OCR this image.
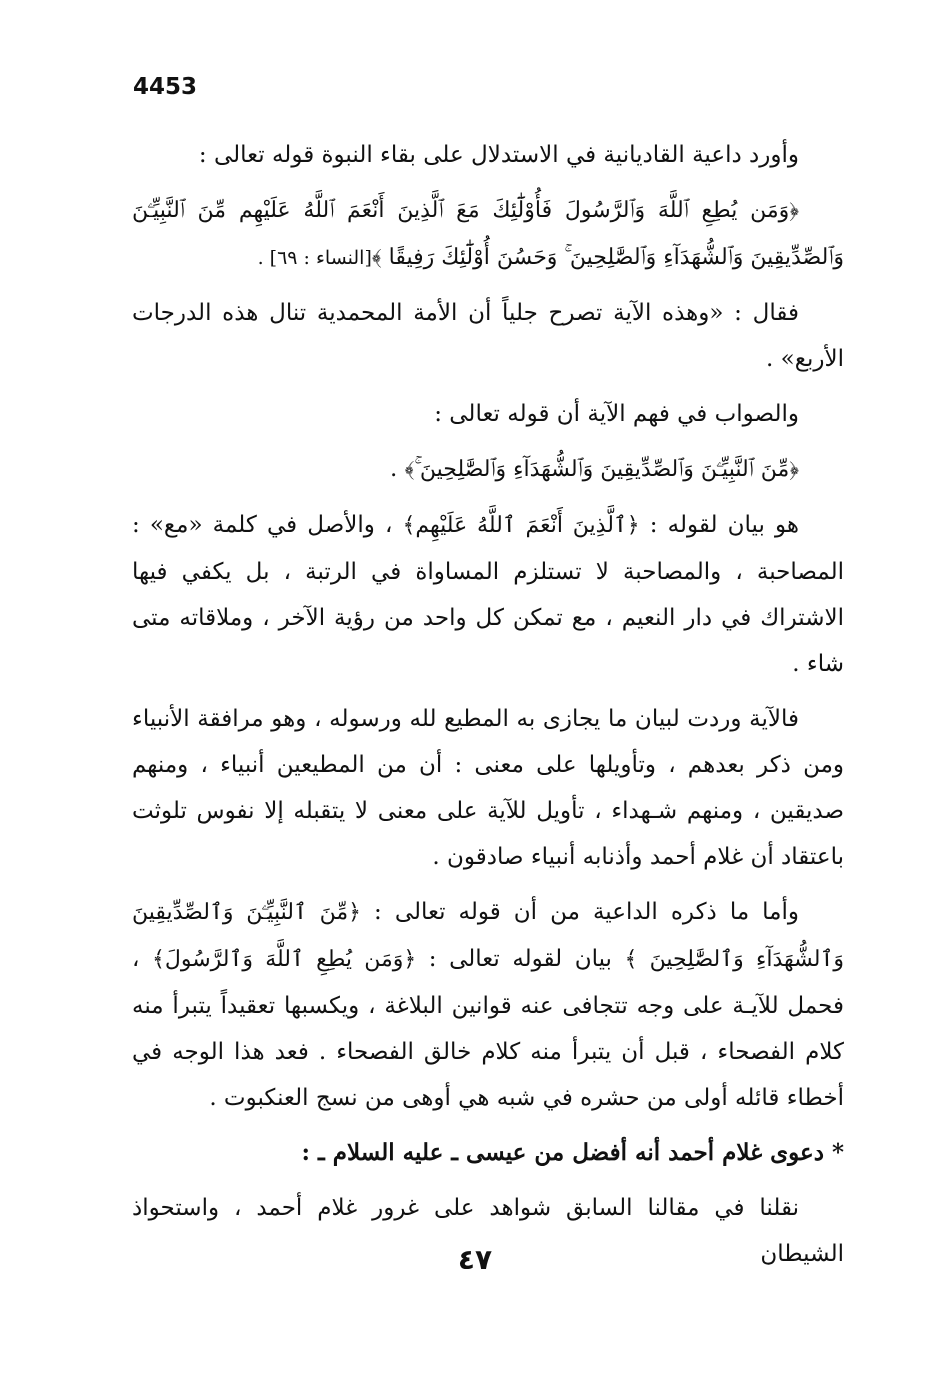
4453

وأورد داعية القاديانية في الاستدلال على بقاء النبوة قوله تعالى :

﴿وَمَن يُطِعِ ٱللَّهَ وَٱلرَّسُولَ فَأُوْلَٰٓئِكَ مَعَ ٱلَّذِينَ أَنْعَمَ ٱللَّهُ عَلَيْهِم مِّنَ ٱلنَّبِيِّـۧنَ وَٱلصِّدِّيقِينَ وَٱلشُّهَدَآءِ وَٱلصَّٰلِحِينَ ۚ وَحَسُنَ أُوْلَٰٓئِكَ رَفِيقًا ﴾[النساء : ٦٩] .

فقال : «وهذه الآية تصرح جلياً أن الأمة المحمدية تنال هذه الدرجات الأربع» .

والصواب في فهم الآية أن قوله تعالى :

﴿مِّنَ ٱلنَّبِيِّـۧنَ وَٱلصِّدِّيقِينَ وَٱلشُّهَدَآءِ وَٱلصَّٰلِحِينَ ۚ﴾ .

هو بيان لقوله : ﴿ٱلَّذِينَ أَنْعَمَ ٱللَّهُ عَلَيْهِم﴾ ، والأصل في كلمة «مع» : المصاحبة ، والمصاحبة لا تستلزم المساواة في الرتبة ، بل يكفي فيها الاشتراك في دار النعيم ، مع تمكن كل واحد من رؤية الآخر ، وملاقاته متى شاء .

فالآية وردت لبيان ما يجازى به المطيع لله ورسوله ، وهو مرافقة الأنبياء ومن ذكر بعدهم ، وتأويلها على معنى : أن من المطيعين أنبياء ، ومنهم صديقين ، ومنهم شـهداء ، تأويل للآية على معنى لا يتقبله إلا نفوس تلوثت باعتقاد أن غلام أحمد وأذنابه أنبياء صادقون .

وأما ما ذكره الداعية من أن قوله تعالى : ﴿مِّنَ ٱلنَّبِيِّـۧنَ وَٱلصِّدِّيقِينَ وَٱلشُّهَدَآءِ وَٱلصَّٰلِحِينَ ﴾ بيان لقوله تعالى : ﴿وَمَن يُطِعِ ٱللَّهَ وَٱلرَّسُولَ﴾ ، فحمل للآيـة على وجه تتجافى عنه قوانين البلاغة ، ويكسبها تعقيداً يتبرأ منه كلام الفصحاء ، قبل أن يتبرأ منه كلام خالق الفصحاء . فعد هذا الوجه في أخطاء قائله أولى من حشره في شبه هي أوهى من نسج العنكبوت .

* دعوى غلام أحمد أنه أفضل من عيسى ـ عليه السلام ـ :

نقلنا في مقالنا السابق شواهد على غرور غلام أحمد ، واستحواذ الشيطان

٤٧
